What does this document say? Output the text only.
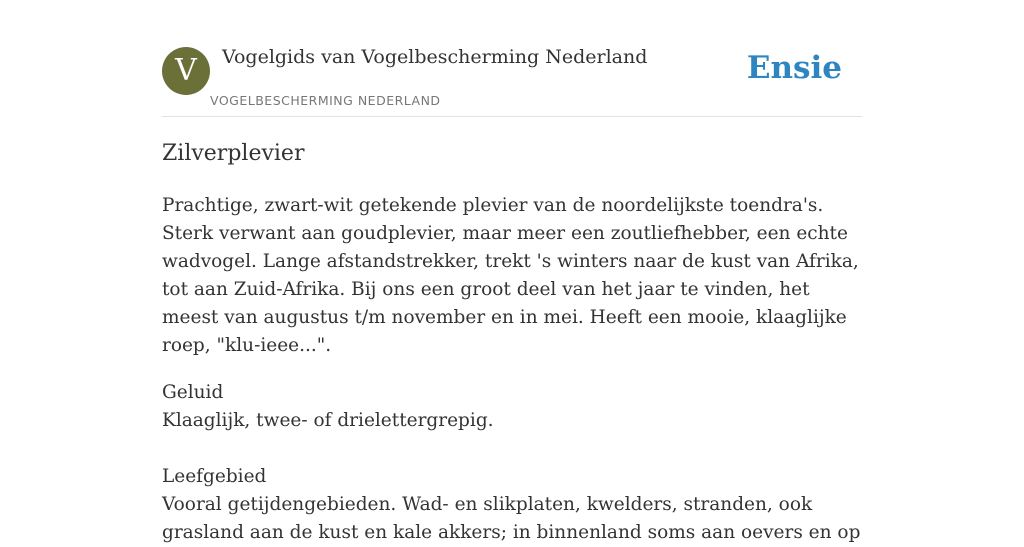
V	Vogelgids van Vogelbescherming Nederland
VOGELBESCHERMING NEDERLAND
Ensie
Zilverplevier

Prachtige, zwart-wit getekende plevier van de noordelijkste toendra's. Sterk verwant aan goudplevier, maar meer een zoutliefhebber, een echte wadvogel. Lange afstandstrekker, trekt 's winters naar de kust van Afrika, tot aan Zuid-Afrika. Bij ons een groot deel van het jaar te vinden, het meest van augustus t/m november en in mei. Heeft een mooie, klaaglijke roep, "klu-ieee...".

Geluid
Klaaglijk, twee- of drielettergrepig.
Leefgebied
Vooral getijdengebieden. Wad- en slikplaten, kwelders, stranden, ook grasland aan de kust en kale akkers; in binnenland soms aan oevers en op
